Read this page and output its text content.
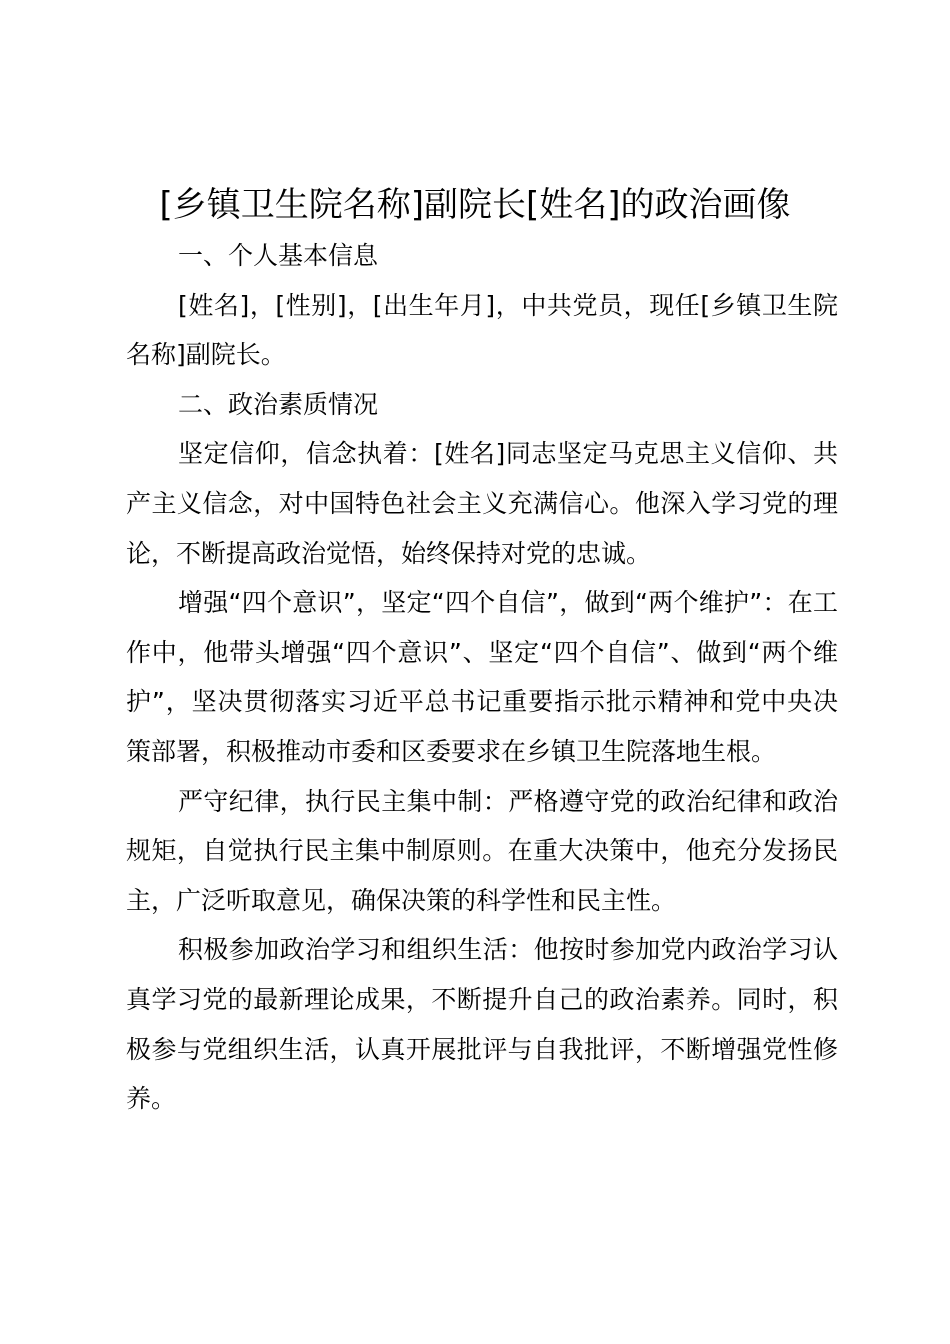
[乡镇卫生院名称]副院长[姓名]的政治画像

一、个人基本信息

[姓名]，[性别]，[出生年月]，中共党员，现任[乡镇卫生院名称]副院长。

二、政治素质情况

坚定信仰，信念执着：[姓名]同志坚定马克思主义信仰、共产主义信念，对中国特色社会主义充满信心。他深入学习党的理论，不断提高政治觉悟，始终保持对党的忠诚。

增强“四个意识”，坚定“四个自信”，做到“两个维护”：在工作中，他带头增强“四个意识”、坚定“四个自信”、做到“两个维护”，坚决贯彻落实习近平总书记重要指示批示精神和党中央决策部署，积极推动市委和区委要求在乡镇卫生院落地生根。

严守纪律，执行民主集中制：严格遵守党的政治纪律和政治规矩，自觉执行民主集中制原则。在重大决策中，他充分发扬民主，广泛听取意见，确保决策的科学性和民主性。

积极参加政治学习和组织生活：他按时参加党内政治学习认真学习党的最新理论成果，不断提升自己的政治素养。同时，积极参与党组织生活，认真开展批评与自我批评，不断增强党性修养。
